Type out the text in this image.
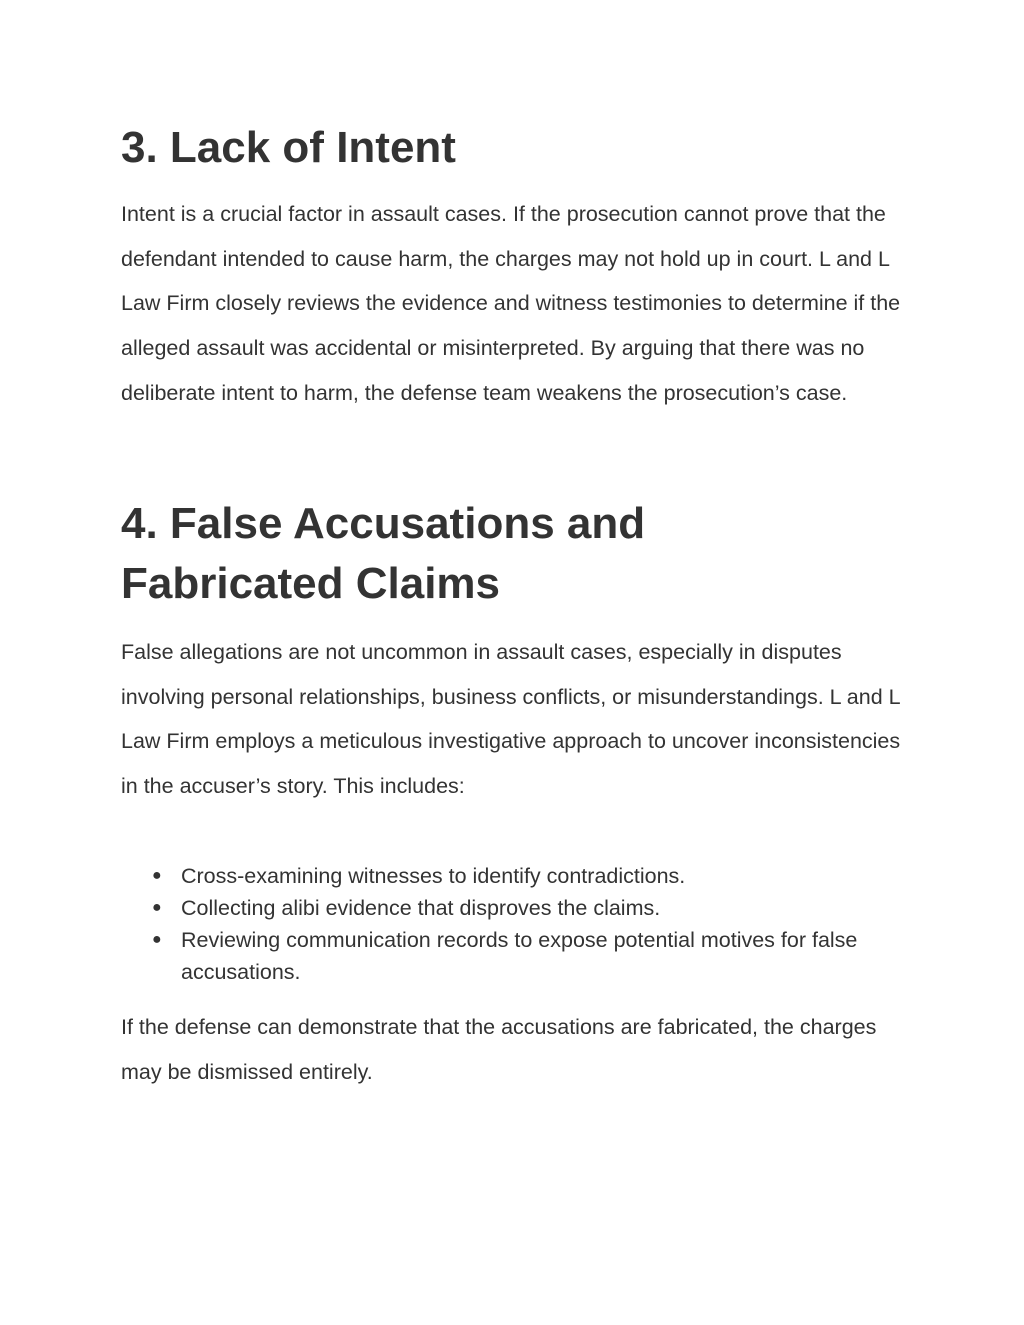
3. Lack of Intent

Intent is a crucial factor in assault cases. If the prosecution cannot prove that the defendant intended to cause harm, the charges may not hold up in court. L and L Law Firm closely reviews the evidence and witness testimonies to determine if the alleged assault was accidental or misinterpreted. By arguing that there was no deliberate intent to harm, the defense team weakens the prosecution’s case.

4. False Accusations and Fabricated Claims

False allegations are not uncommon in assault cases, especially in disputes involving personal relationships, business conflicts, or misunderstandings. L and L Law Firm employs a meticulous investigative approach to uncover inconsistencies in the accuser’s story. This includes:

● Cross-examining witnesses to identify contradictions.
● Collecting alibi evidence that disproves the claims.
● Reviewing communication records to expose potential motives for false accusations.

If the defense can demonstrate that the accusations are fabricated, the charges may be dismissed entirely.
